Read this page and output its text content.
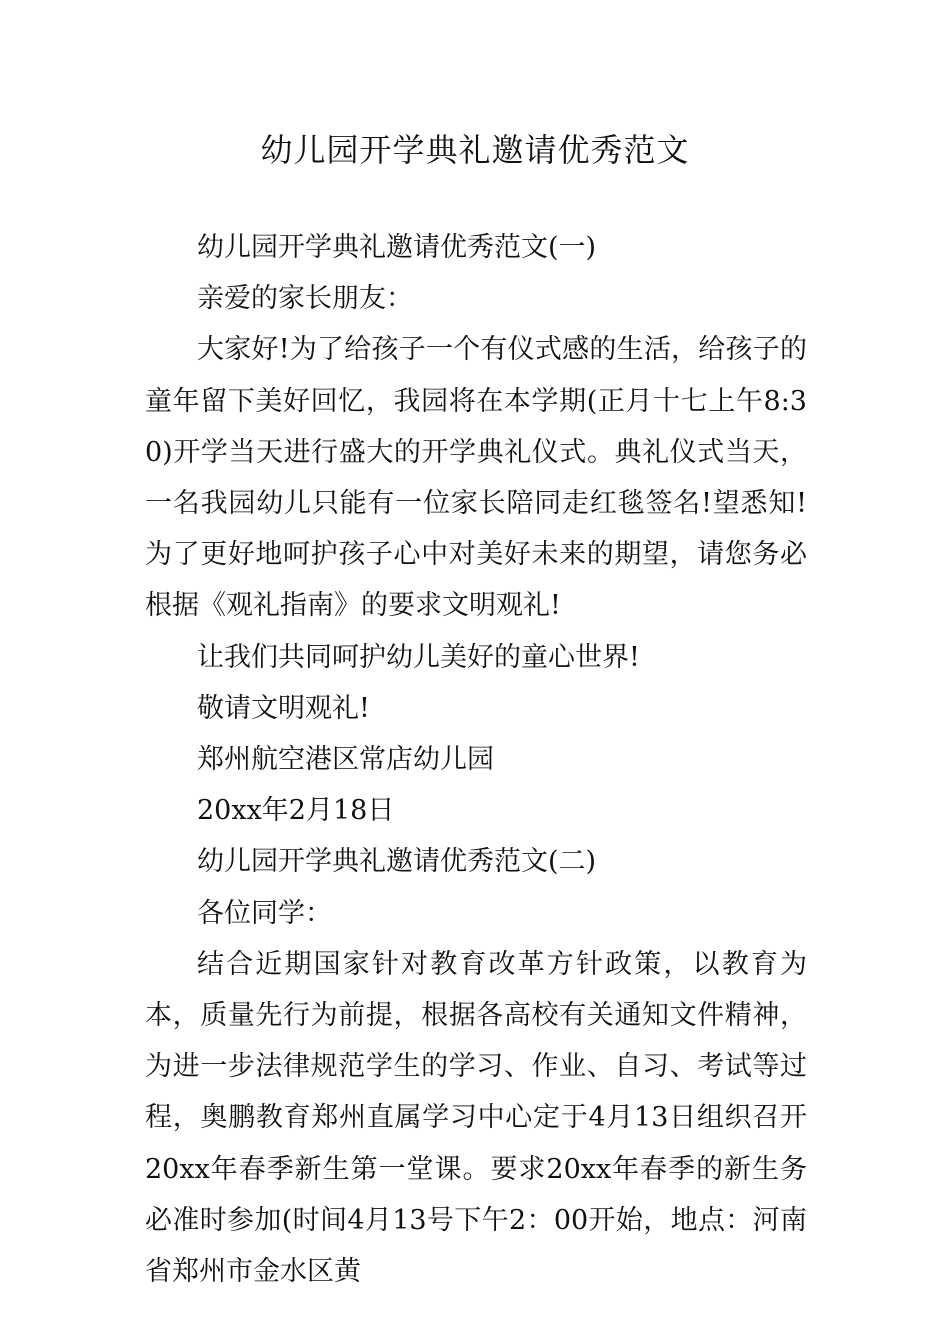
幼儿园开学典礼邀请优秀范文

幼儿园开学典礼邀请优秀范文(一)

亲爱的家长朋友：

大家好!为了给孩子一个有仪式感的生活，给孩子的童年留下美好回忆，我园将在本学期(正月十七上午8:30)开学当天进行盛大的开学典礼仪式。典礼仪式当天，一名我园幼儿只能有一位家长陪同走红毯签名!望悉知!为了更好地呵护孩子心中对美好未来的期望，请您务必根据《观礼指南》的要求文明观礼!

让我们共同呵护幼儿美好的童心世界!

敬请文明观礼!

郑州航空港区常店幼儿园

20xx年2月18日

幼儿园开学典礼邀请优秀范文(二)

各位同学：

结合近期国家针对教育改革方针政策，以教育为本，质量先行为前提，根据各高校有关通知文件精神，为进一步法律规范学生的学习、作业、自习、考试等过程，奥鹏教育郑州直属学习中心定于4月13日组织召开20xx年春季新生第一堂课。要求20xx年春季的新生务必准时参加(时间4月13号下午2：00开始，地点：河南省郑州市金水区黄
